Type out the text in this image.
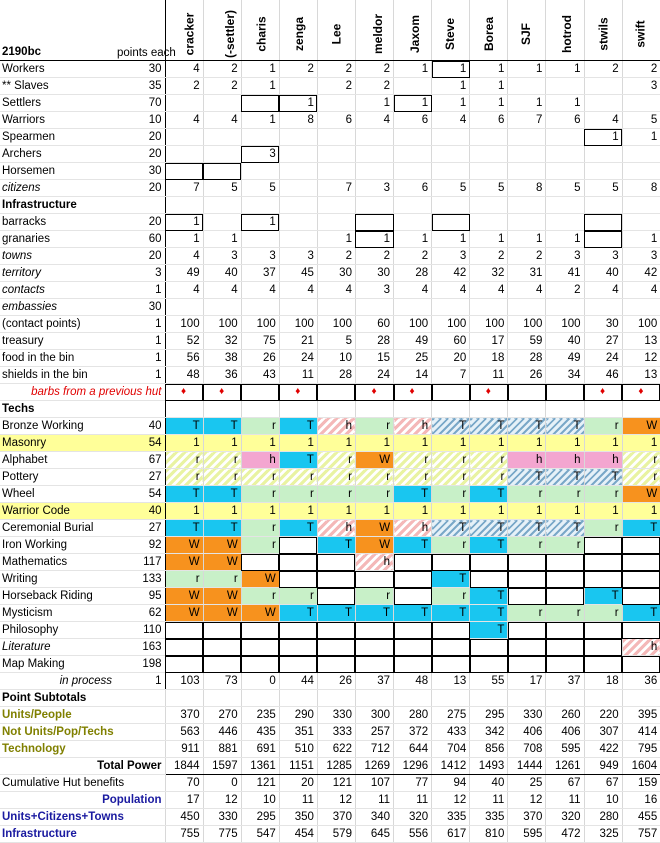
2190bc	points each	cracker	(-settler)	charis	zenga	Lee	meldor	Jaxom	Steve	Borea	SJF	hotrod	stwils	swift
Workers	30	4	2	1	2	2	2	1	1	1	1	1	2	2
** Slaves	35	2	2	1		2	2		1	1				3
Settlers	70				1		1	1	1	1	1	1		
Warriors	10	4	4	1	8	6	4	6	4	6	7	6	4	5
Spearmen	20												1	1
Archers	20			3										
Horsemen	30													
citizens	20	7	5	5		7	3	6	5	5	8	5	5	8
Infrastructure														
barracks	20	1		1										
granaries	60	1	1			1	1	1	1	1	1	1		1
towns	20	4	3	3	3	2	2	2	3	2	2	3	3	3
territory	3	49	40	37	45	30	30	28	42	32	31	41	40	42
contacts	1	4	4	4	4	4	3	4	4	4	4	2	4	4
embassies	30													
(contact points)	1	100	100	100	100	100	60	100	100	100	100	100	30	100
treasury	1	52	32	75	21	5	28	49	60	17	59	40	27	13
food in the bin	1	56	38	26	24	10	15	25	20	18	28	49	24	12
shields in the bin	1	48	36	43	11	28	24	14	7	11	26	34	46	13
barbs from a previous hut		♦	♦		♦		♦	♦		♦			♦	♦
Techs														
Bronze Working	40	T	T	r	T	h	r	h	T	T	T	T	r	W
Masonry	54	1	1	1	1	1	1	1	1	1	1	1	1	1
Alphabet	67	r	r	h	T	r	W	r	r	r	h	h	h	r
Pottery	27	r	r	r	r	r	r	r	r	r	T	T	T	r
Wheel	54	T	T	r	r	r	r	T	r	T	r	r	r	W
Warrior Code	40	1	1	1	1	1	1	1	1	1	1	1	1	1
Ceremonial Burial	27	T	T	r	T	h	W	h	T	T	T	T	r	T
Iron Working	92	W	W	r		T	W	T	r	T	r	r		
Mathematics	117	W	W				h							
Writing	133	r	r	W					T					
Horseback Riding	95	W	W	r	r		r		r	T			T	
Mysticism	62	W	W	W	T	T	T	T	T	T	r	r	r	T
Philosophy	110									T				
Literature	163													h
Map Making	198													
in process	1	103	73	0	44	26	37	48	13	55	17	37	18	36
Point Subtotals														
Units/People		370	270	235	290	330	300	280	275	295	330	260	220	395
Not Units/Pop/Techs		563	446	435	351	333	257	372	433	342	406	406	307	414
Technology		911	881	691	510	622	712	644	704	856	708	595	422	795
Total Power		1844	1597	1361	1151	1285	1269	1296	1412	1493	1444	1261	949	1604
Cumulative Hut benefits		70	0	121	20	121	107	77	94	40	25	67	67	159
Population		17	12	10	11	12	11	11	12	11	12	11	10	16
Units+Citizens+Towns		450	330	295	350	370	340	320	335	335	370	320	280	455
Infrastructure		755	775	547	454	579	645	556	617	810	595	472	325	757
